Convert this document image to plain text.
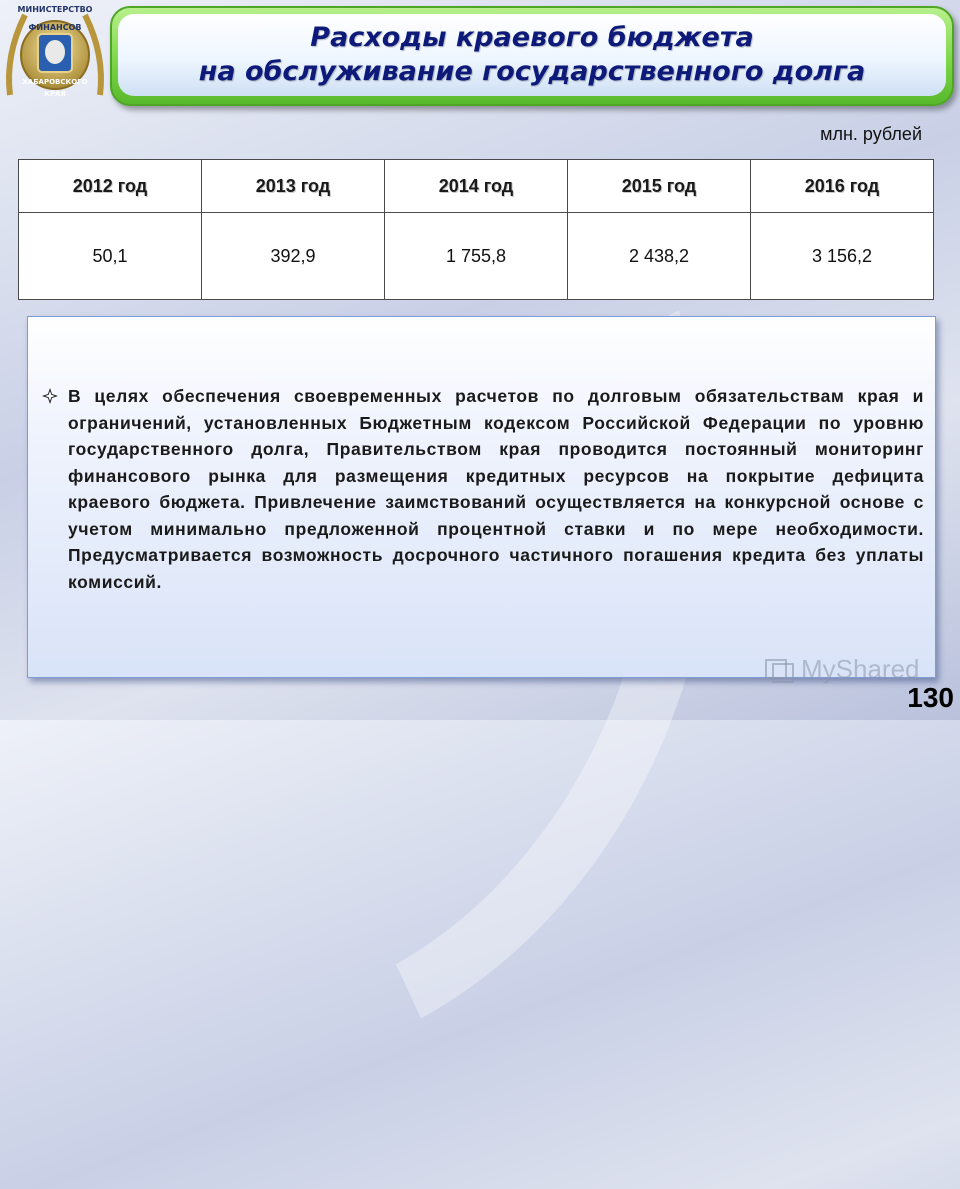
МИНИСТЕРСТВО
ФИНАНСОВ
ХАБАРОВСКОГО
КРАЯ
Расходы краевого бюджета
на обслуживание государственного долга
млн. рублей
2012 год	2013 год	2014 год	2015 год	2016 год
50,1	392,9	1 755,8	2 438,2	3 156,2
В целях обеспечения своевременных расчетов по долговым обязательствам края и ограничений, установленных Бюджетным кодексом Российской Федерации по уровню государственного долга, Правительством края проводится постоянный мониторинг финансового рынка для размещения кредитных ресурсов на покрытие дефицита краевого бюджета. Привлечение заимствований осуществляется на конкурсной основе с учетом минимально предложенной процентной ставки и по мере необходимости. Предусматривается возможность досрочного частичного погашения кредита без уплаты комиссий.
MyShared
130
